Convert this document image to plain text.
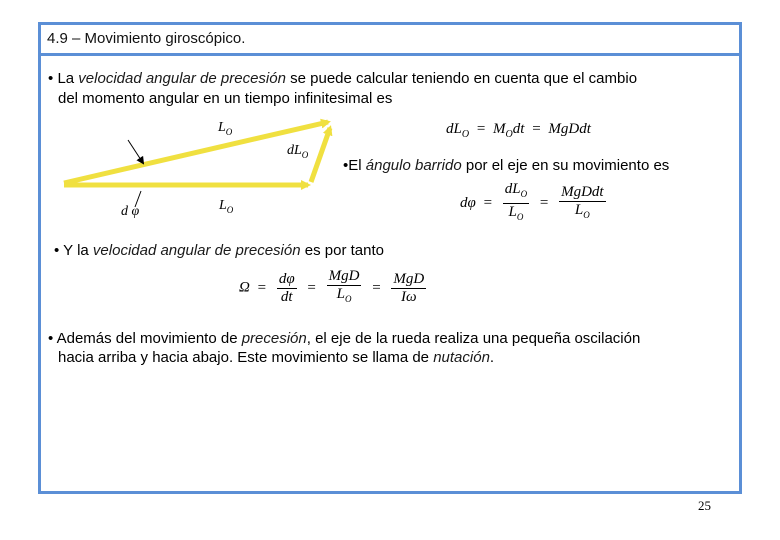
4.9 – Movimiento giroscópico.
• La velocidad angular de precesión se puede calcular teniendo en cuenta que el cambio
del momento angular en un tiempo infinitesimal es
$dL_O = M_Odt$ = MgDdt
$L_O$
$dL_O$
$L_O$
d φ
•El ángulo barrido por el eje en su movimiento es
$d\varphi = \frac{dL_O}{L_O} = \frac{\text{MgDdt}}{L_O}$
• Y la velocidad angular de precesión es por tanto
$\Omega = \frac{d\varphi}{dt} = \frac{\text{MgD}}{L_O} = \frac{\text{MgD}}{I\omega}$
• Además del movimiento de precesión, el eje de la rueda realiza una pequeña oscilación
hacia arriba y hacia abajo. Este movimiento se llama de nutación.
25
